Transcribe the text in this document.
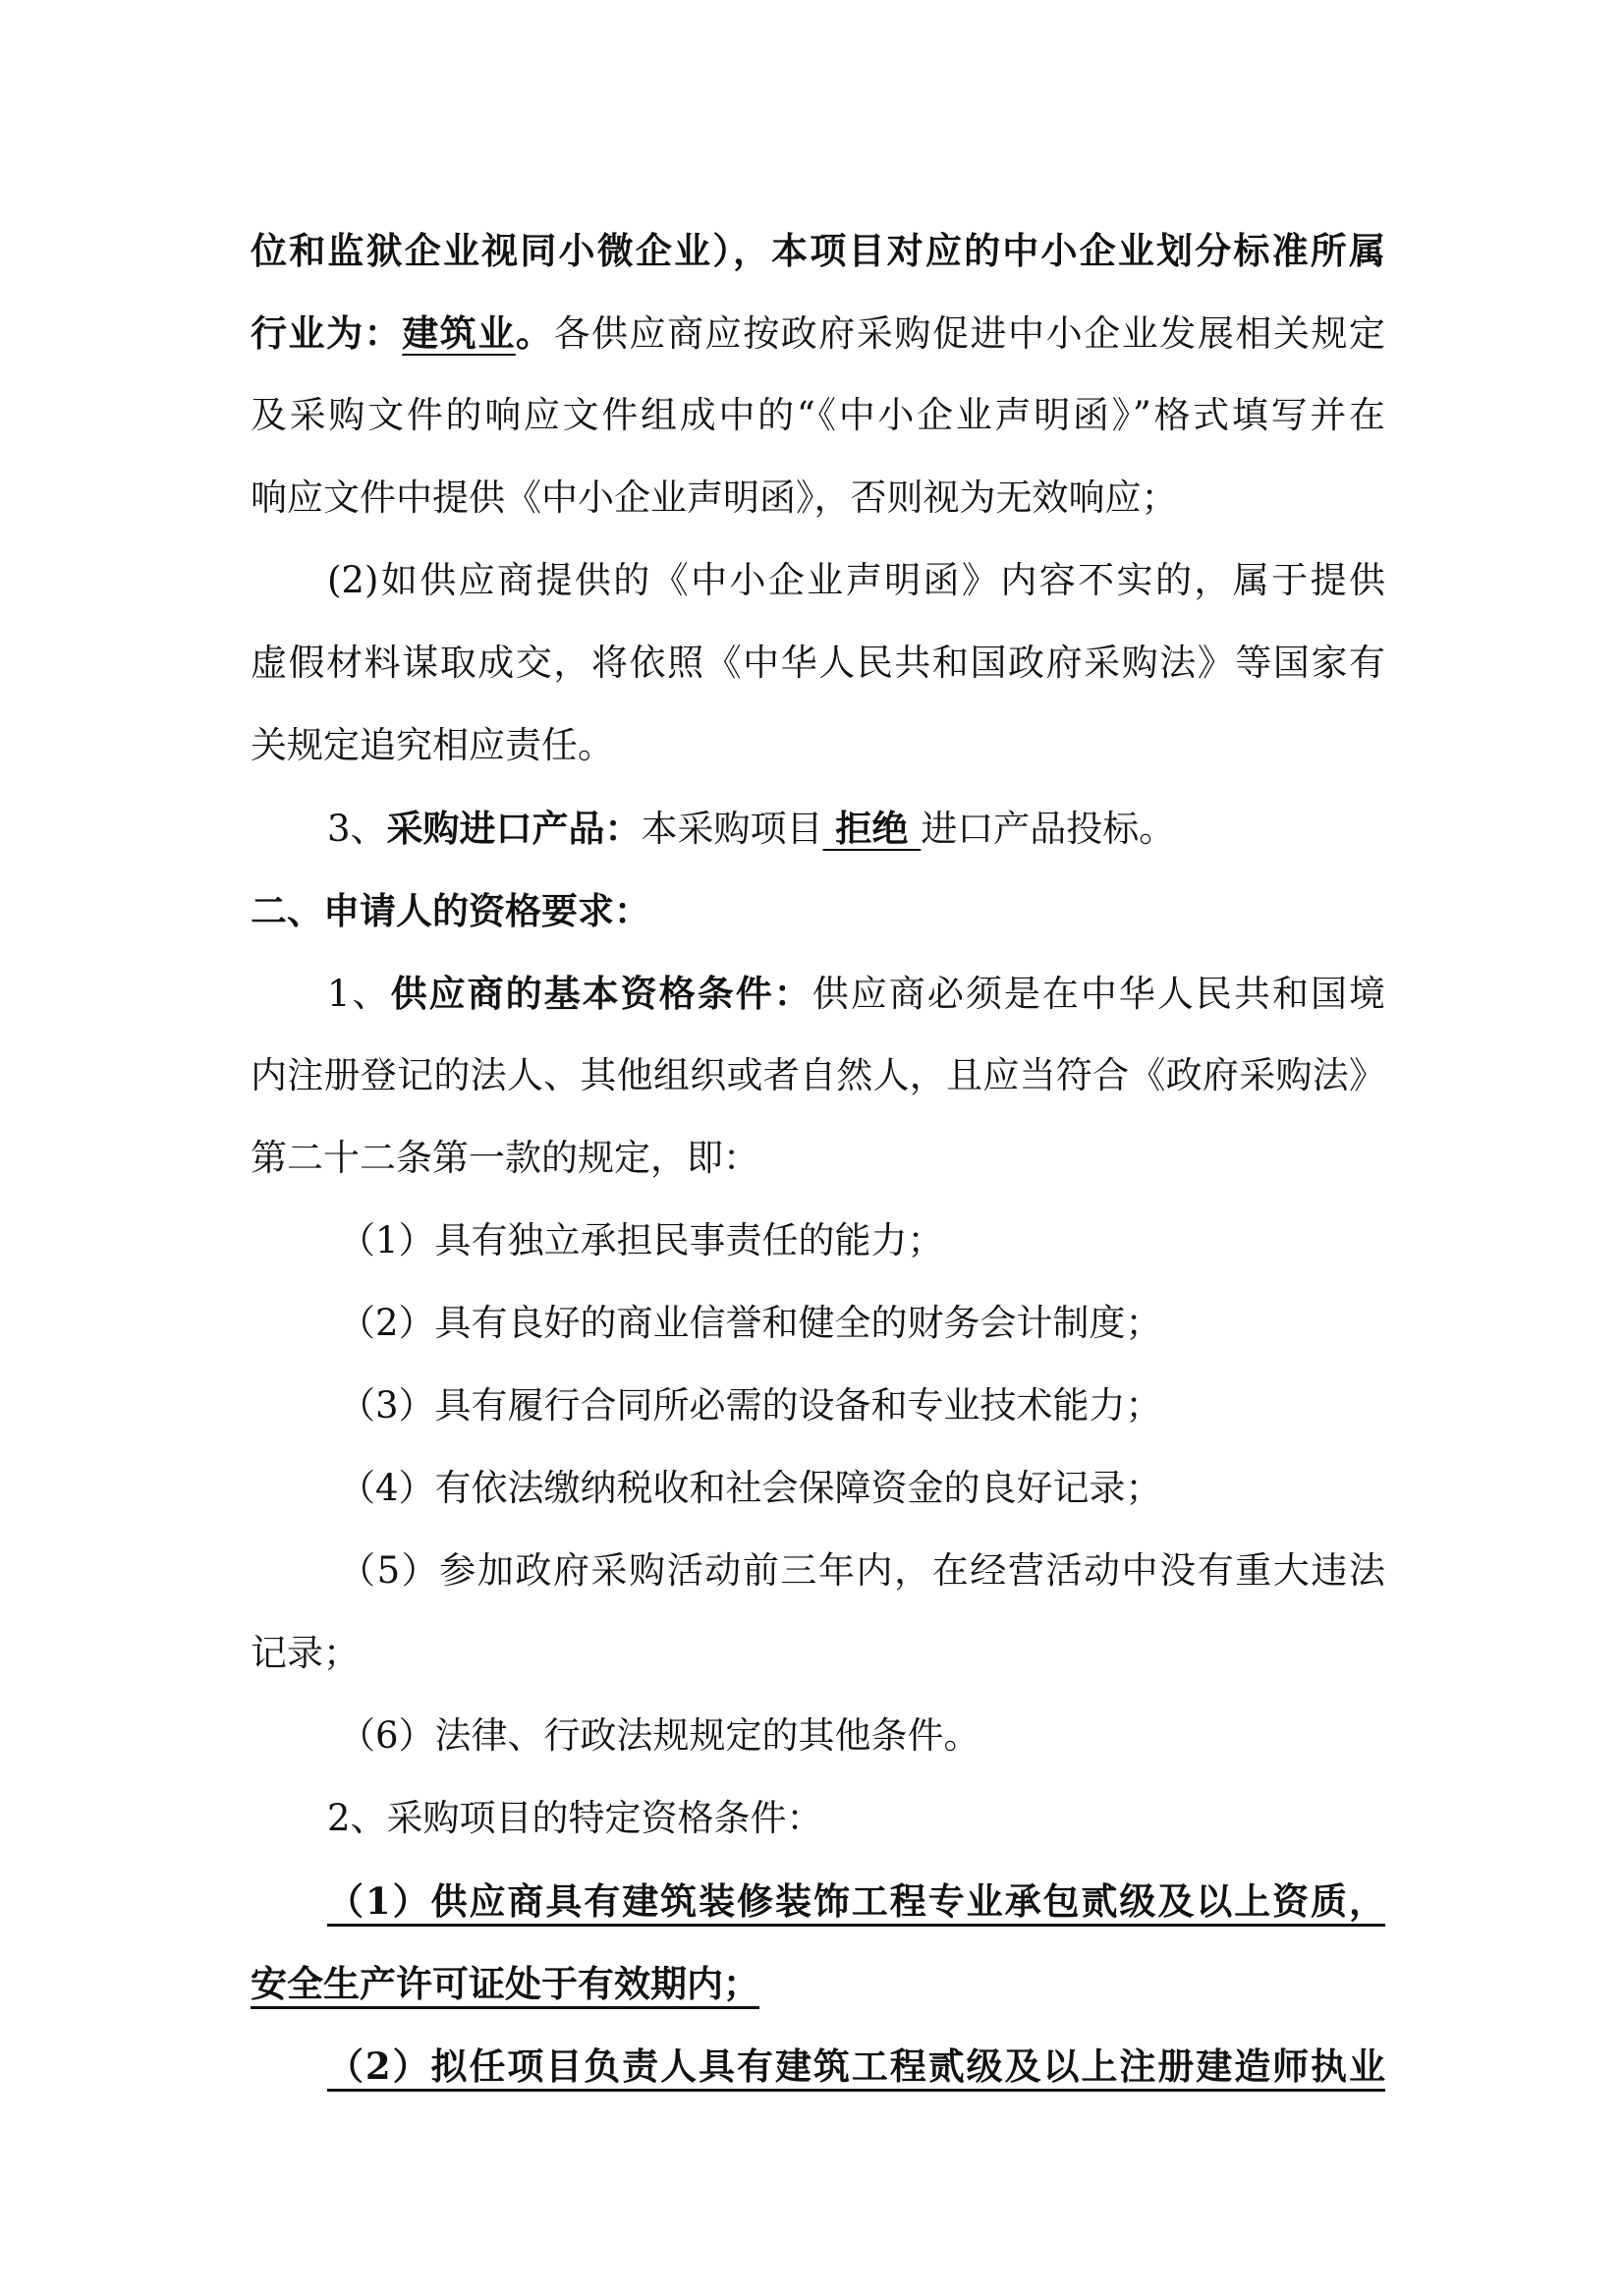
位和监狱企业视同小微企业），本项目对应的中小企业划分标准所属
行业为：建筑业。各供应商应按政府采购促进中小企业发展相关规定
及采购文件的响应文件组成中的“《中小企业声明函》”格式填写并在
响应文件中提供《中小企业声明函》，否则视为无效响应；
(2)如供应商提供的《中小企业声明函》内容不实的，属于提供
虚假材料谋取成交，将依照《中华人民共和国政府采购法》等国家有
关规定追究相应责任。
3、采购进口产品：本采购项目 拒绝 进口产品投标。
二、申请人的资格要求：
1、供应商的基本资格条件：供应商必须是在中华人民共和国境
内注册登记的法人、其他组织或者自然人，且应当符合《政府采购法》
第二十二条第一款的规定，即：
（1）具有独立承担民事责任的能力；
（2）具有良好的商业信誉和健全的财务会计制度；
（3）具有履行合同所必需的设备和专业技术能力；
（4）有依法缴纳税收和社会保障资金的良好记录；
（5）参加政府采购活动前三年内，在经营活动中没有重大违法
记录；
（6）法律、行政法规规定的其他条件。
2、采购项目的特定资格条件：
（1）供应商具有建筑装修装饰工程专业承包贰级及以上资质，
安全生产许可证处于有效期内；
（2）拟任项目负责人具有建筑工程贰级及以上注册建造师执业
